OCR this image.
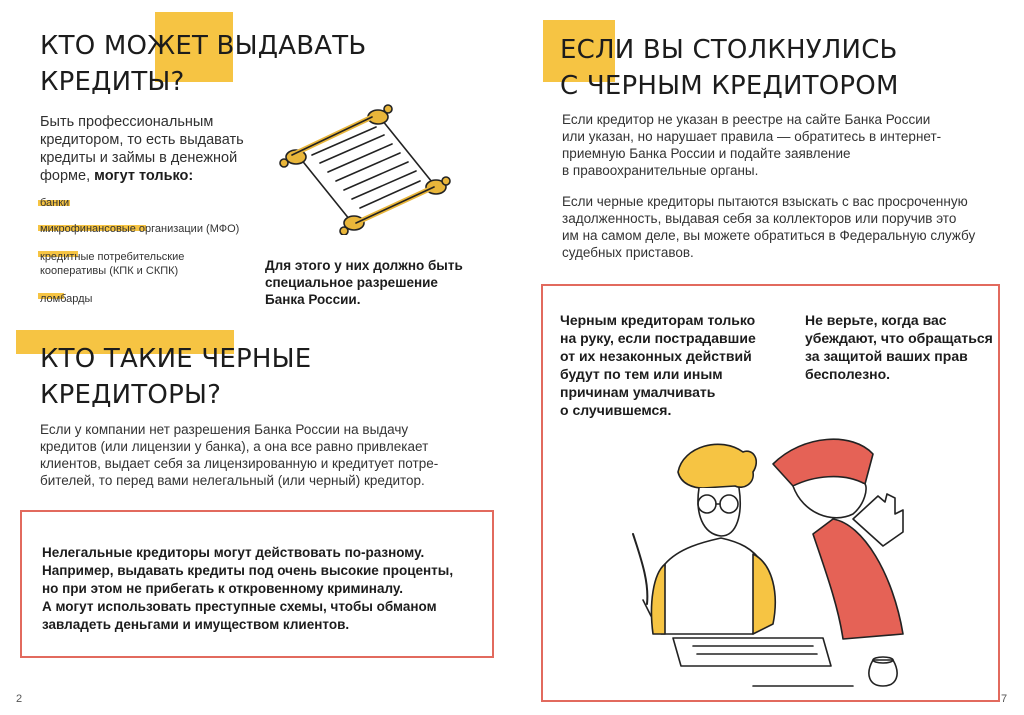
КТО МОЖЕТ ВЫДАВАТЬ
КРЕДИТЫ?
Быть профессиональным
кредитором, то есть выдавать
кредиты и займы в денежной
форме, могут только:
банки
микрофинансовые организации (МФО)
кредитные потребительские
кооперативы (КПК и СКПК)
ломбарды
Для этого у них должно быть
специальное разрешение
Банка России.
КТО ТАКИЕ ЧЕРНЫЕ
КРЕДИТОРЫ?
Если у компании нет разрешения Банка России на выдачу
кредитов (или лицензии у банка), а она все равно привлекает
клиентов, выдает себя за лицензированную и кредитует потре-
бителей, то перед вами нелегальный (или черный) кредитор.
Нелегальные кредиторы могут действовать по-разному.
Например, выдавать кредиты под очень высокие проценты,
но при этом не прибегать к откровенному криминалу.
А могут использовать преступные схемы, чтобы обманом
завладеть деньгами и имуществом клиентов.
2
ЕСЛИ ВЫ СТОЛКНУЛИСЬ
С ЧЕРНЫМ КРЕДИТОРОМ
Если кредитор не указан в реестре на сайте Банка России
или указан, но нарушает правила — обратитесь в интернет-
приемную Банка России и подайте заявление
в правоохранительные органы.
Если черные кредиторы пытаются взыскать с вас просроченную
задолженность, выдавая себя за коллекторов или поручив это
им на самом деле, вы можете обратиться в Федеральную службу
судебных приставов.
Черным кредиторам только
на руку, если пострадавшие
от их незаконных действий
будут по тем или иным
причинам умалчивать
о случившемся.
Не верьте, когда вас
убеждают, что обращаться
за защитой ваших прав
бесполезно.
7
